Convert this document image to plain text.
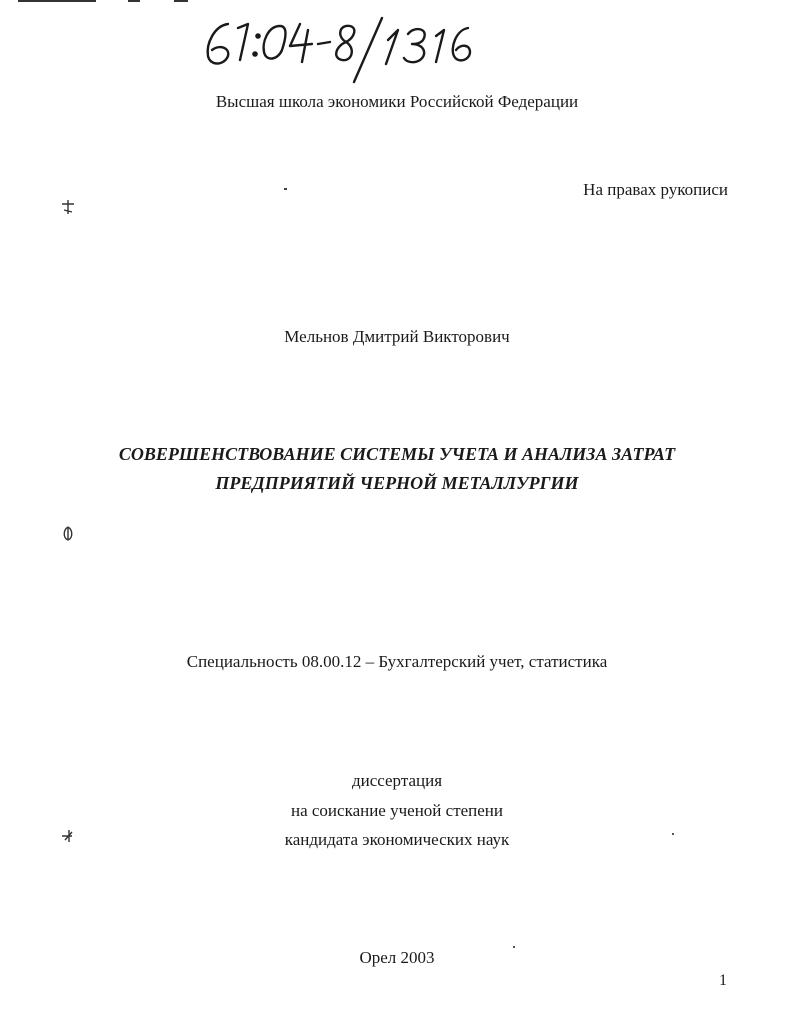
Высшая школа экономики Российской Федерации
На правах рукописи
Мельнов Дмитрий Викторович
СОВЕРШЕНСТВОВАНИЕ СИСТЕМЫ УЧЕТА И АНАЛИЗА ЗАТРАТ
ПРЕДПРИЯТИЙ ЧЕРНОЙ МЕТАЛЛУРГИИ
Специальность 08.00.12 – Бухгалтерский учет, статистика
диссертация
на соискание ученой степени
кандидата экономических наук
Орел 2003
1
